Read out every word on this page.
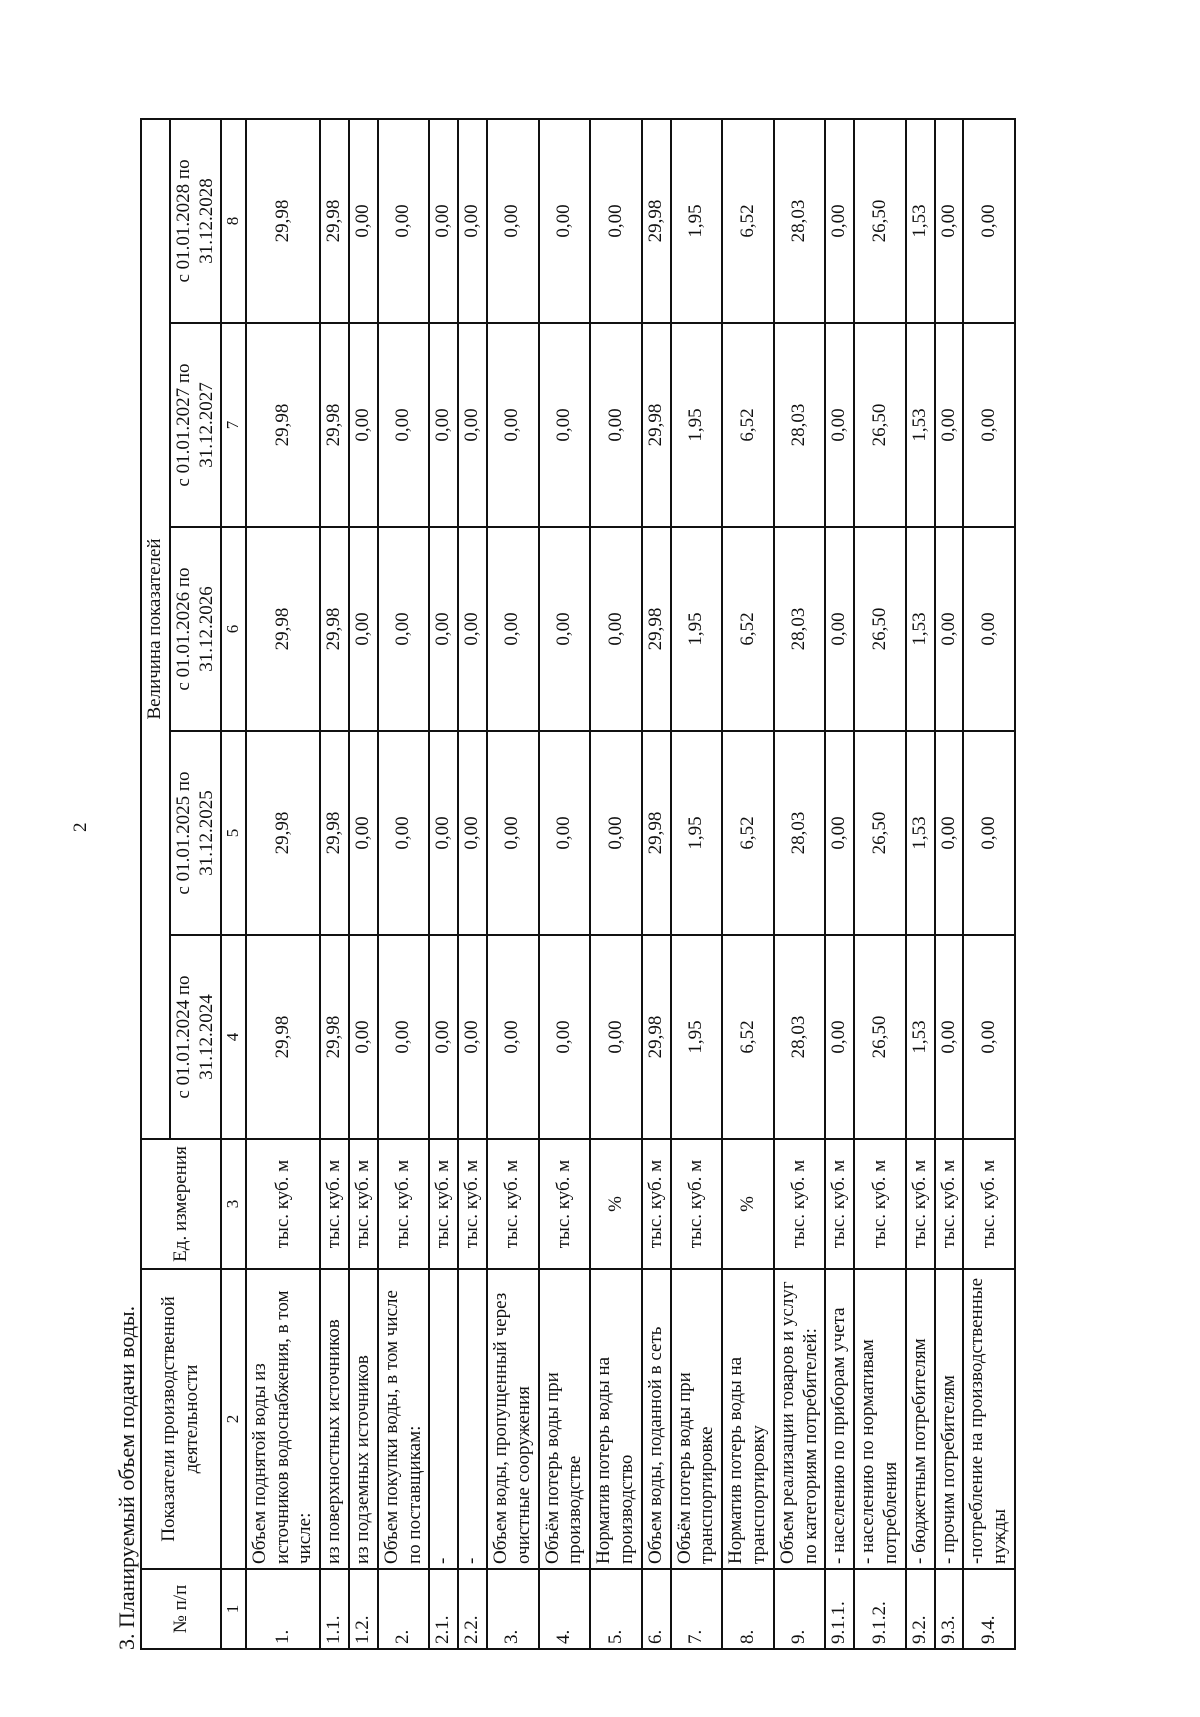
2
3. Планируемый объем подачи воды. № п/п	Показатели производственной деятельности	Ед. измерения	Величина показателей				
			с 01.01.2024 по 31.12.2024	с 01.01.2025 по 31.12.2025	с 01.01.2026 по 31.12.2026	с 01.01.2027 по 31.12.2027	с 01.01.2028 по 31.12.2028
1	2	3	4	5	6	7	8
1.	Объем поднятой воды из источников водоснабжения, в том числе:	тыс. куб. м	29,98	29,98	29,98	29,98	29,98
1.1.	из поверхностных источников	тыс. куб. м	29,98	29,98	29,98	29,98	29,98
1.2.	из подземных источников	тыс. куб. м	0,00	0,00	0,00	0,00	0,00
2.	Объем покупки воды, в том числе по поставщикам:	тыс. куб. м	0,00	0,00	0,00	0,00	0,00
2.1.	-	тыс. куб. м	0,00	0,00	0,00	0,00	0,00
2.2.	-	тыс. куб. м	0,00	0,00	0,00	0,00	0,00
3.	Объем воды, пропущенный через очистные сооружения	тыс. куб. м	0,00	0,00	0,00	0,00	0,00
4.	Объём потерь воды при производстве	тыс. куб. м	0,00	0,00	0,00	0,00	0,00
5.	Норматив потерь воды на производство	%	0,00	0,00	0,00	0,00	0,00
6.	Объем воды, поданной в сеть	тыс. куб. м	29,98	29,98	29,98	29,98	29,98
7.	Объём потерь воды при транспортировке	тыс. куб. м	1,95	1,95	1,95	1,95	1,95
8.	Норматив потерь воды на транспортировку	%	6,52	6,52	6,52	6,52	6,52
9.	Объем реализации товаров и услуг по категориям потребителей:	тыс. куб. м	28,03	28,03	28,03	28,03	28,03
9.1.1.	- населению по приборам учета	тыс. куб. м	0,00	0,00	0,00	0,00	0,00
9.1.2.	- населению по нормативам потребления	тыс. куб. м	26,50	26,50	26,50	26,50	26,50
9.2.	- бюджетным потребителям	тыс. куб. м	1,53	1,53	1,53	1,53	1,53
9.3.	- прочим потребителям	тыс. куб. м	0,00	0,00	0,00	0,00	0,00
9.4.	-потребление на производственные нужды	тыс. куб. м	0,00	0,00	0,00	0,00	0,00
